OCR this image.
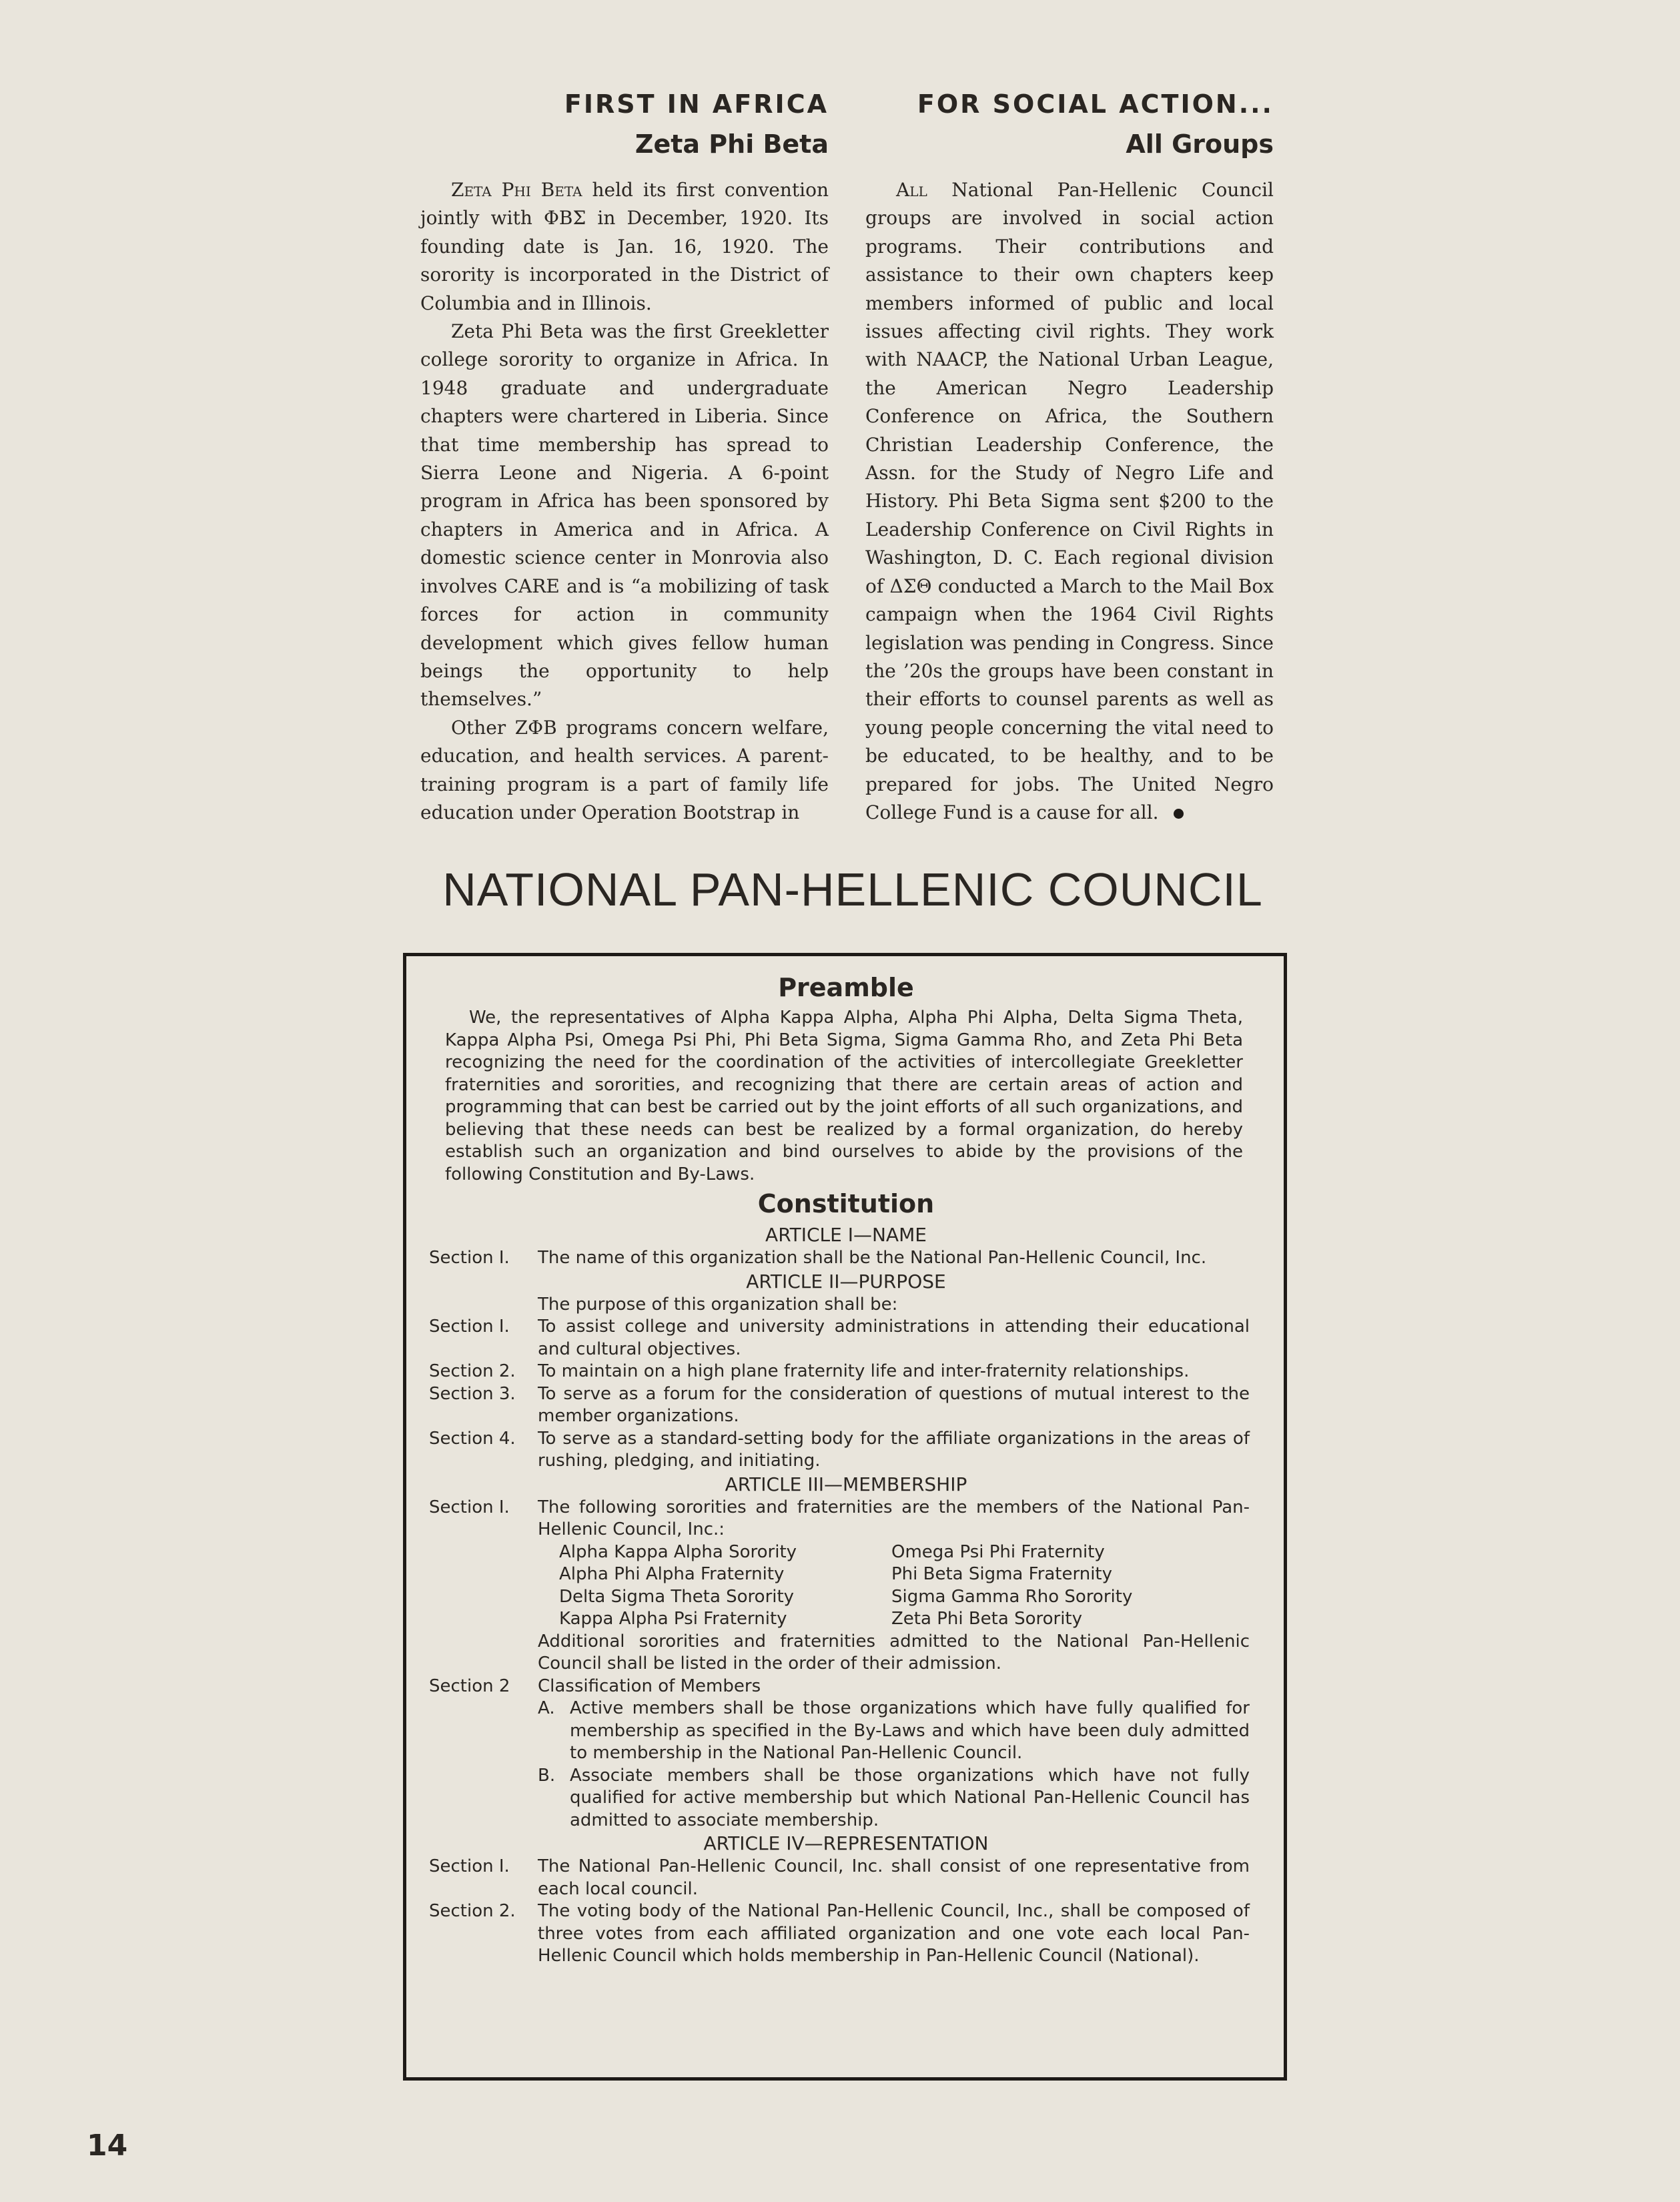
FIRST IN AFRICA
Zeta Phi Beta

Zeta Phi Beta held its first convention jointly with ΦΒΣ in December, 1920. Its founding date is Jan. 16, 1920. The sorority is incorporated in the District of Columbia and in Illinois.

Zeta Phi Beta was the first Greekletter college sorority to organize in Africa. In 1948 graduate and undergraduate chapters were chartered in Liberia. Since that time membership has spread to Sierra Leone and Nigeria. A 6-point program in Africa has been sponsored by chapters in America and in Africa. A domestic science center in Monrovia also involves CARE and is “a mobilizing of task forces for action in community development which gives fellow human beings the opportunity to help themselves.”

Other ZΦB programs concern welfare, education, and health services. A parent-training program is a part of family life education under Operation Bootstrap in

FOR SOCIAL ACTION...
All Groups

All National Pan-Hellenic Council groups are involved in social action programs. Their contributions and assistance to their own chapters keep members informed of public and local issues affecting civil rights. They work with NAACP, the National Urban League, the American Negro Leadership Conference on Africa, the Southern Christian Leadership Conference, the Assn. for the Study of Negro Life and History. Phi Beta Sigma sent $200 to the Leadership Conference on Civil Rights in Washington, D. C. Each regional division of ΔΣΘ conducted a March to the Mail Box campaign when the 1964 Civil Rights legislation was pending in Congress. Since the ’20s the groups have been constant in their efforts to counsel parents as well as young people concerning the vital need to be educated, to be healthy, and to be prepared for jobs. The United Negro College Fund is a cause for all.

NATIONAL PAN-HELLENIC COUNCIL
Preamble

We, the representatives of Alpha Kappa Alpha, Alpha Phi Alpha, Delta Sigma Theta, Kappa Alpha Psi, Omega Psi Phi, Phi Beta Sigma, Sigma Gamma Rho, and Zeta Phi Beta recognizing the need for the coordination of the activities of intercollegiate Greekletter fraternities and sororities, and recognizing that there are certain areas of action and programming that can best be carried out by the joint efforts of all such organizations, and believing that these needs can best be realized by a formal organization, do hereby establish such an organization and bind ourselves to abide by the provisions of the following Constitution and By-Laws.

Constitution

ARTICLE I—NAME

Section I.	The name of this organization shall be the National Pan-Hellenic Council, Inc.

ARTICLE II—PURPOSE

The purpose of this organization shall be:

Section I.	To assist college and university administrations in attending their educational and cultural objectives.
Section 2.	To maintain on a high plane fraternity life and inter-fraternity relationships.
Section 3.	To serve as a forum for the consideration of questions of mutual interest to the member organizations.
Section 4.	To serve as a standard-setting body for the affiliate organizations in the areas of rushing, pledging, and initiating.

ARTICLE III—MEMBERSHIP

Section I.	The following sororities and fraternities are the members of the National Pan-Hellenic Council, Inc.:
Alpha Kappa Alpha Sorority	Omega Psi Phi Fraternity
Alpha Phi Alpha Fraternity	Phi Beta Sigma Fraternity
Delta Sigma Theta Sorority	Sigma Gamma Rho Sorority
Kappa Alpha Psi Fraternity	Zeta Phi Beta Sorority

Additional sororities and fraternities admitted to the National Pan-Hellenic Council shall be listed in the order of their admission.

Section 2	Classification of Members
A. Active members shall be those organizations which have fully qualified for membership as specified in the By-Laws and which have been duly admitted to membership in the National Pan-Hellenic Council.
B. Associate members shall be those organizations which have not fully qualified for active membership but which National Pan-Hellenic Council has admitted to associate membership.

ARTICLE IV—REPRESENTATION

Section I.	The National Pan-Hellenic Council, Inc. shall consist of one representative from each local council.
Section 2.	The voting body of the National Pan-Hellenic Council, Inc., shall be composed of three votes from each affiliated organization and one vote each local Pan-Hellenic Council which holds membership in Pan-Hellenic Council (National).

14
